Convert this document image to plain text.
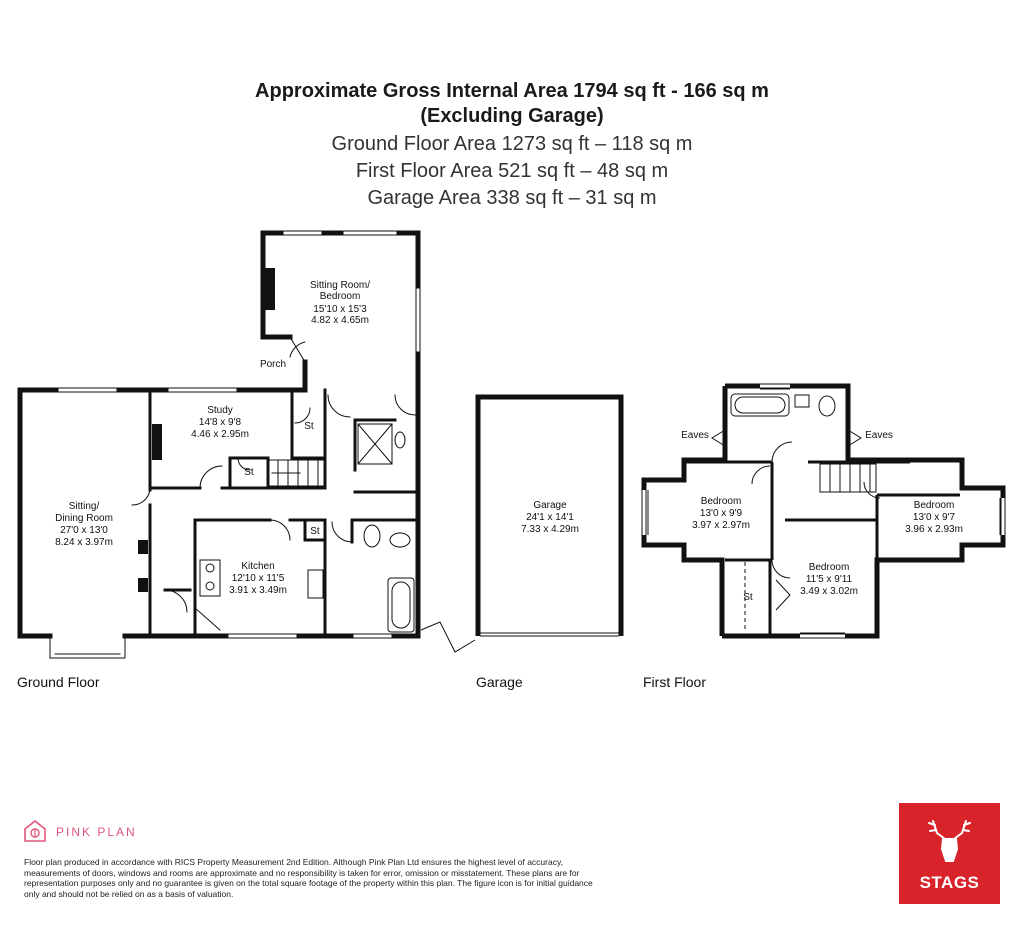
Approximate Gross Internal Area 1794 sq ft - 166 sq m
(Excluding Garage)
Ground Floor Area 1273 sq ft – 118 sq m
First Floor Area 521 sq ft – 48 sq m
Garage Area 338 sq ft – 31 sq m
Sitting Room/
Bedroom
15'10 x 15'3
4.82 x 4.65m
Porch
Study
14'8 x 9'8
4.46 x 2.95m
St
St
Sitting/
Dining Room
27'0 x 13'0
8.24 x 3.97m
Kitchen
12'10 x 11'5
3.91 x 3.49m
St
Garage
24'1 x 14'1
7.33 x 4.29m
Bedroom
13'0 x 9'9
3.97 x 2.97m
Bedroom
13'0 x 9'7
3.96 x 2.93m
Bedroom
11'5 x 9'11
3.49 x 3.02m
St
Eaves	Eaves
Ground Floor	Garage	First Floor
PINK PLAN
Floor plan produced in accordance with RICS Property Measurement 2nd Edition. Although Pink Plan Ltd ensures the highest level of accuracy, measurements of doors, windows and rooms are approximate and no responsibility is taken for error, omission or misstatement. These plans are for representation purposes only and no guarantee is given on the total square footage of the property within this plan. The figure icon is for initial guidance only and should not be relied on as a basis of valuation.
STAGS
